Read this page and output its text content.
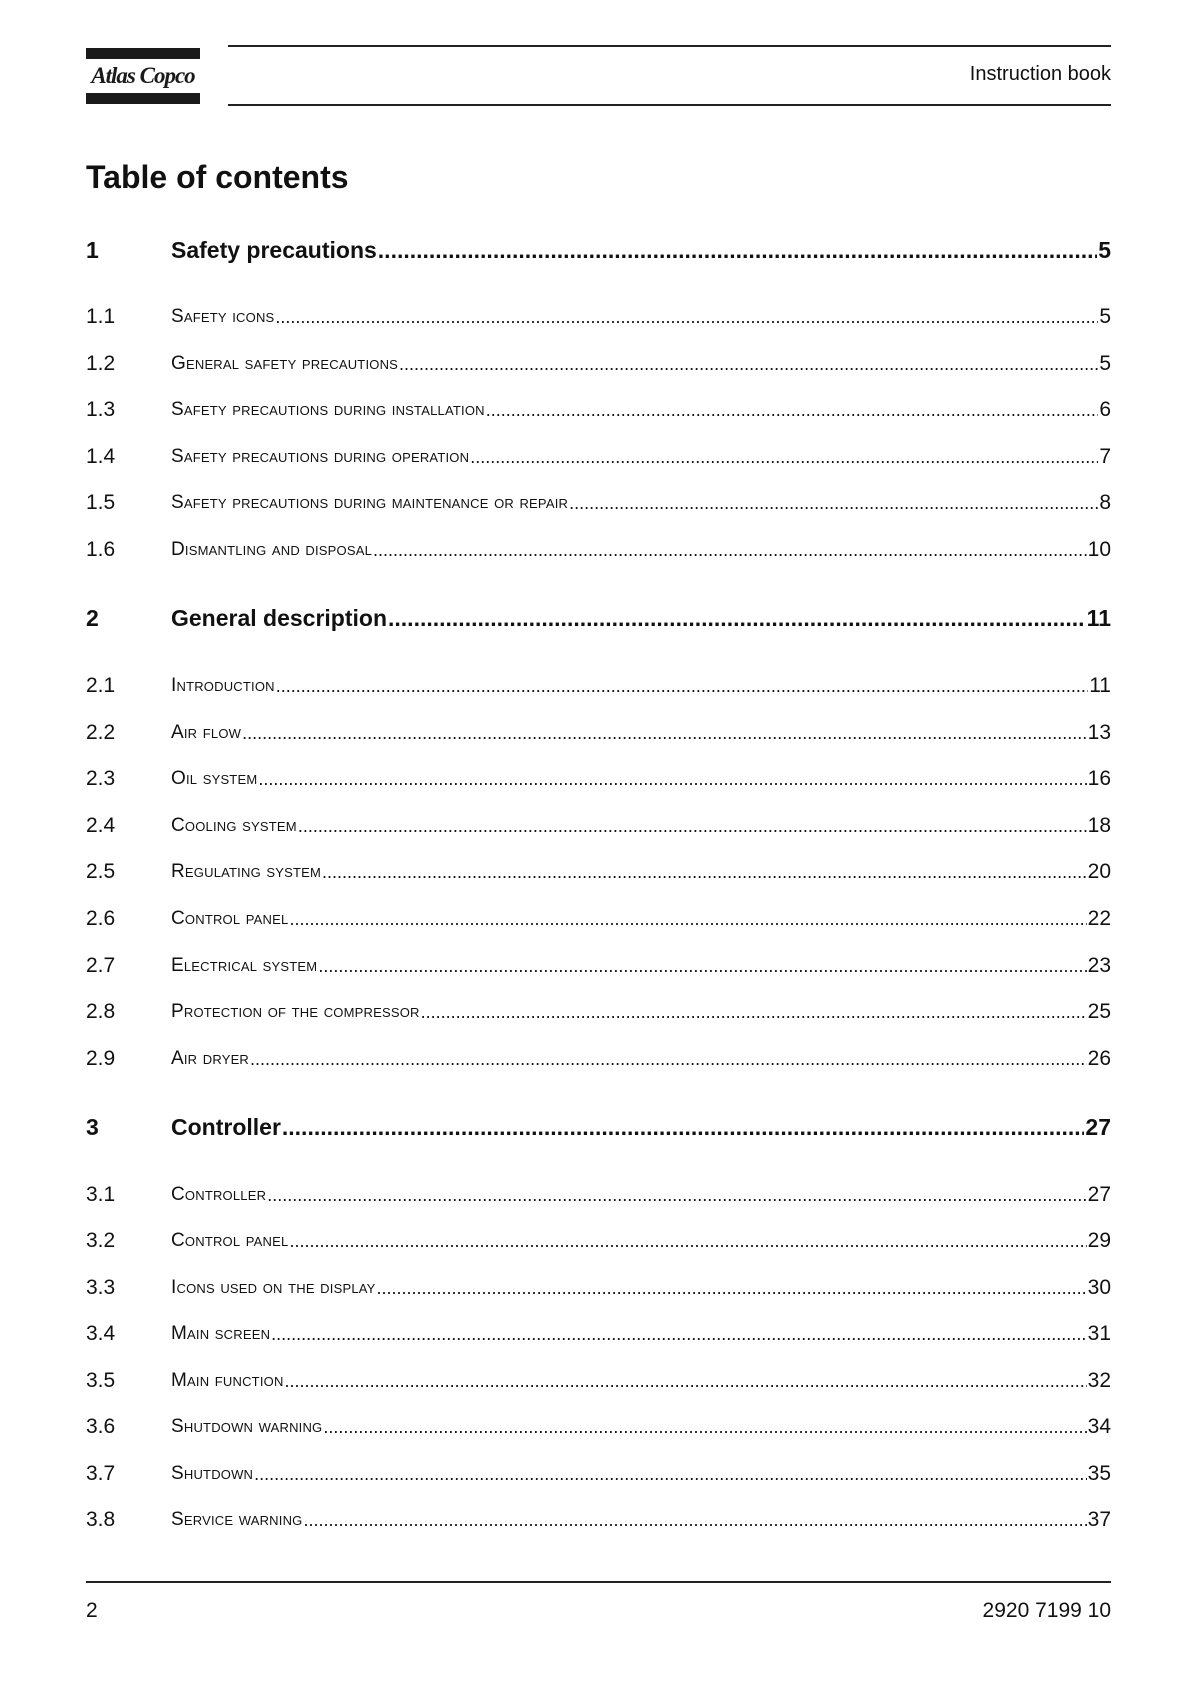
Atlas Copco	Instruction book
Table of contents
1	Safety precautions .....	5
1.1	Safety icons .....	5
1.2	General safety precautions .....	5
1.3	Safety precautions during installation .....	6
1.4	Safety precautions during operation .....	7
1.5	Safety precautions during maintenance or repair .....	8
1.6	Dismantling and disposal .....	10
2	General description .....	11
2.1	Introduction .....	11
2.2	Air flow .....	13
2.3	Oil system .....	16
2.4	Cooling system .....	18
2.5	Regulating system .....	20
2.6	Control panel .....	22
2.7	Electrical system .....	23
2.8	Protection of the compressor .....	25
2.9	Air dryer .....	26
3	Controller .....	27
3.1	Controller .....	27
3.2	Control panel .....	29
3.3	Icons used on the display .....	30
3.4	Main screen .....	31
3.5	Main function .....	32
3.6	Shutdown warning .....	34
3.7	Shutdown .....	35
3.8	Service warning .....	37
2	2920 7199 10
